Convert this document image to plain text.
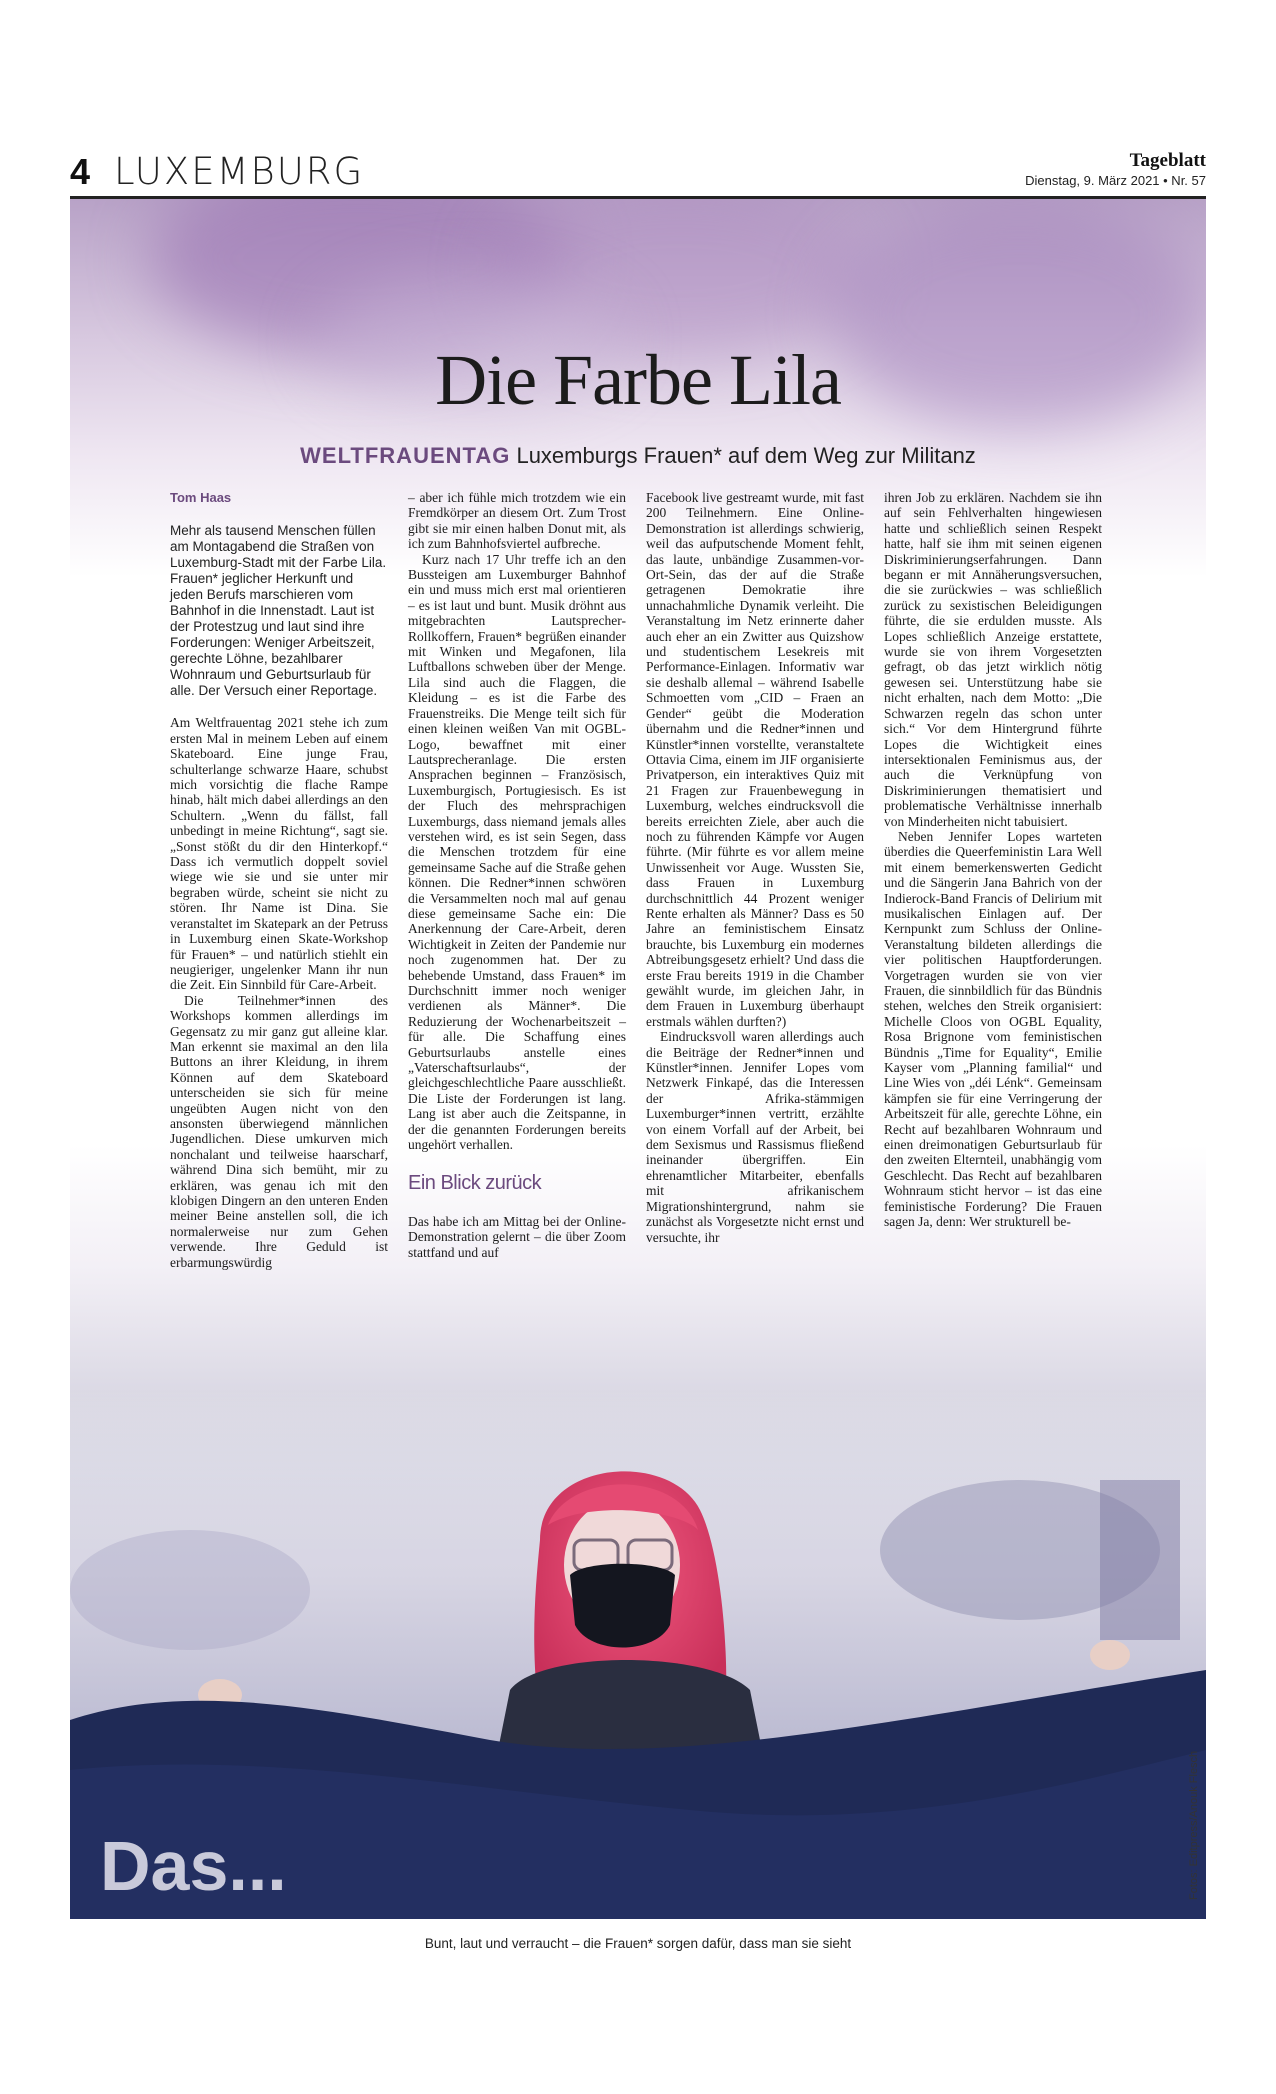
4 LUXEMBURG	Tageblatt
Dienstag, 9. März 2021 • Nr. 57
Das...
Die Farbe Lila
WELTFRAUENTAG Luxemburgs Frauen* auf dem Weg zur Militanz
Tom Haas
Mehr als tausend Menschen füllen am Montagabend die Straßen von Luxemburg-Stadt mit der Farbe Lila. Frauen* jeglicher Herkunft und jeden Berufs marschieren vom Bahnhof in die Innenstadt. Laut ist der Protestzug und laut sind ihre Forderungen: Weniger Arbeitszeit, gerechte Löhne, bezahlbarer Wohnraum und Geburtsurlaub für alle. Der Versuch einer Reportage.

Am Weltfrauentag 2021 stehe ich zum ersten Mal in meinem Leben auf einem Skateboard. Eine junge Frau, schulterlange schwarze Haare, schubst mich vorsichtig die flache Rampe hinab, hält mich dabei allerdings an den Schultern. „Wenn du fällst, fall unbedingt in meine Richtung“, sagt sie. „Sonst stößt du dir den Hinterkopf.“ Dass ich vermutlich doppelt soviel wiege wie sie und sie unter mir begraben würde, scheint sie nicht zu stören. Ihr Name ist Dina. Sie veranstaltet im Skatepark an der Petruss in Luxemburg einen Skate-Workshop für Frauen* – und natürlich stiehlt ein neugieriger, ungelenker Mann ihr nun die Zeit. Ein Sinnbild für Care-Arbeit.

Die Teilnehmer*innen des Workshops kommen allerdings im Gegensatz zu mir ganz gut alleine klar. Man erkennt sie maximal an den lila Buttons an ihrer Kleidung, in ihrem Können auf dem Skateboard unterscheiden sie sich für meine ungeübten Augen nicht von den ansonsten überwiegend männlichen Jugendlichen. Diese umkurven mich nonchalant und teilweise haarscharf, während Dina sich bemüht, mir zu erklären, was genau ich mit den klobigen Dingern an den unteren Enden meiner Beine anstellen soll, die ich normalerweise nur zum Gehen verwende. Ihre Geduld ist erbarmungswürdig

– aber ich fühle mich trotzdem wie ein Fremdkörper an diesem Ort. Zum Trost gibt sie mir einen halben Donut mit, als ich zum Bahnhofsviertel aufbreche.

Kurz nach 17 Uhr treffe ich an den Bussteigen am Luxemburger Bahnhof ein und muss mich erst mal orientieren – es ist laut und bunt. Musik dröhnt aus mitgebrachten Lautsprecher-Rollkoffern, Frauen* begrüßen einander mit Winken und Megafonen, lila Luftballons schweben über der Menge. Lila sind auch die Flaggen, die Kleidung – es ist die Farbe des Frauenstreiks. Die Menge teilt sich für einen kleinen weißen Van mit OGBL-Logo, bewaffnet mit einer Lautsprecheranlage. Die ersten Ansprachen beginnen – Französisch, Luxemburgisch, Portugiesisch. Es ist der Fluch des mehrsprachigen Luxemburgs, dass niemand jemals alles verstehen wird, es ist sein Segen, dass die Menschen trotzdem für eine gemeinsame Sache auf die Straße gehen können. Die Redner*innen schwören die Versammelten noch mal auf genau diese gemeinsame Sache ein: Die Anerkennung der Care-Arbeit, deren Wichtigkeit in Zeiten der Pandemie nur noch zugenommen hat. Der zu behebende Umstand, dass Frauen* im Durchschnitt immer noch weniger verdienen als Männer*. Die Reduzierung der Wochenarbeitszeit – für alle. Die Schaffung eines Geburtsurlaubs anstelle eines „Vaterschaftsurlaubs“, der gleichgeschlechtliche Paare ausschließt. Die Liste der Forderungen ist lang. Lang ist aber auch die Zeitspanne, in der die genannten Forderungen bereits ungehört verhallen.

Ein Blick zurück

Das habe ich am Mittag bei der Online-Demonstration gelernt – die über Zoom stattfand und auf

Facebook live gestreamt wurde, mit fast 200 Teilnehmern. Eine Online-Demonstration ist allerdings schwierig, weil das aufputschende Moment fehlt, das laute, unbändige Zusammen-vor-Ort-Sein, das der auf die Straße getragenen Demokratie ihre unnachahmliche Dynamik verleiht. Die Veranstaltung im Netz erinnerte daher auch eher an ein Zwitter aus Quizshow und studentischem Lesekreis mit Performance-Einlagen. Informativ war sie deshalb allemal – während Isabelle Schmoetten vom „CID – Fraen an Gender“ geübt die Moderation übernahm und die Redner*innen und Künstler*innen vorstellte, veranstaltete Ottavia Cima, einem im JIF organisierte Privatperson, ein interaktives Quiz mit 21 Fragen zur Frauenbewegung in Luxemburg, welches eindrucksvoll die bereits erreichten Ziele, aber auch die noch zu führenden Kämpfe vor Augen führte. (Mir führte es vor allem meine Unwissenheit vor Auge. Wussten Sie, dass Frauen in Luxemburg durchschnittlich 44 Prozent weniger Rente erhalten als Männer? Dass es 50 Jahre an feministischem Einsatz brauchte, bis Luxemburg ein modernes Abtreibungsgesetz erhielt? Und dass die erste Frau bereits 1919 in die Chamber gewählt wurde, im gleichen Jahr, in dem Frauen in Luxemburg überhaupt erstmals wählen durften?)

Eindrucksvoll waren allerdings auch die Beiträge der Redner*innen und Künstler*innen. Jennifer Lopes vom Netzwerk Finkapé, das die Interessen der Afrika-stämmigen Luxemburger*innen vertritt, erzählte von einem Vorfall auf der Arbeit, bei dem Sexismus und Rassismus fließend ineinander übergriffen. Ein ehrenamtlicher Mitarbeiter, ebenfalls mit afrikanischem Migrationshintergrund, nahm sie zunächst als Vorgesetzte nicht ernst und versuchte, ihr

ihren Job zu erklären. Nachdem sie ihn auf sein Fehlverhalten hingewiesen hatte und schließlich seinen Respekt hatte, half sie ihm mit seinen eigenen Diskriminierungserfahrungen. Dann begann er mit Annäherungsversuchen, die sie zurückwies – was schließlich zurück zu sexistischen Beleidigungen führte, die sie erdulden musste. Als Lopes schließlich Anzeige erstattete, wurde sie von ihrem Vorgesetzten gefragt, ob das jetzt wirklich nötig gewesen sei. Unterstützung habe sie nicht erhalten, nach dem Motto: „Die Schwarzen regeln das schon unter sich.“ Vor dem Hintergrund führte Lopes die Wichtigkeit eines intersektionalen Feminismus aus, der auch die Verknüpfung von Diskriminierungen thematisiert und problematische Verhältnisse innerhalb von Minderheiten nicht tabuisiert.

Neben Jennifer Lopes warteten überdies die Queerfeministin Lara Well mit einem bemerkenswerten Gedicht und die Sängerin Jana Bahrich von der Indierock-Band Francis of Delirium mit musikalischen Einlagen auf. Der Kernpunkt zum Schluss der Online-Veranstaltung bildeten allerdings die vier politischen Hauptforderungen. Vorgetragen wurden sie von vier Frauen, die sinnbildlich für das Bündnis stehen, welches den Streik organisiert: Michelle Cloos von OGBL Equality, Rosa Brignone vom feministischen Bündnis „Time for Equality“, Emilie Kayser vom „Planning familial“ und Line Wies von „déi Lénk“. Gemeinsam kämpfen sie für eine Verringerung der Arbeitszeit für alle, gerechte Löhne, ein Recht auf bezahlbaren Wohnraum und einen dreimonatigen Geburtsurlaub für den zweiten Elternteil, unabhängig vom Geschlecht. Das Recht auf bezahlbaren Wohnraum sticht hervor – ist das eine feministische Forderung? Die Frauen sagen Ja, denn: Wer strukturell be-

Fotos: Editpress/Anouk Flesch
Bunt, laut und verraucht – die Frauen* sorgen dafür, dass man sie sieht
